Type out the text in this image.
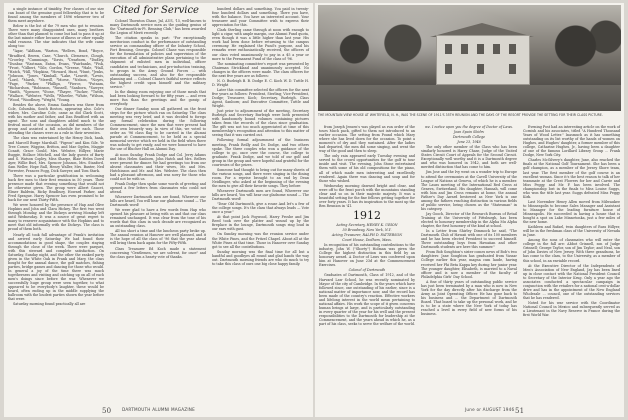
a single instance of timidity. Few classes of our size can boast of the genuine good fellowship that is to be found among the members of 1896 whenever two of them meet anywhere.

Below is the list of the 79 men who got to reunion. There were many disappointed ones, many brothers other than that planned to come but had to pass it up at the last minute either because of illness or other equally valid reasons. The star indicates that the wife came along too:

*Agar, *Aldham, *Barton, *Bellers, Bond, *Boyce, *Bradford, Brown, Case, *Church, Clemence, Clough, *Crowley, *Cummings, *Davis, *Dearborn, *Dudley, *Dunbar, *Eastman, Eaton, Evans, *Fairbanks, *Fisk, *Frost, *Gilbert, *Gile, Gordon, *Greene, *Hale, *Hall, *Hatch, *Hill, *Hopkins, *Howard, Hunt, *Hunt, *Jenks, *Johnson, *Jones, *Kimball, *Lake, *Leavitt, *Lewis, *Lord, *Marsh, *Merrill, *Morse, *Nelson, *Noyes, *Page, *Parker, *Phillips, *Pierce, *Putnam, *Richardson, *Robinson, *Russell, *Sanborn, *Sawyer, *Smith, *Spencer, *Stone, *Thayer, *Tucker, *Tuttle, *Wallace, *Webster, *Wells, *Wheeler, *White, *Wilson, *Wood, *Woodbury, *Wright, *Young.

Besides the above, Emma Sanborn was there from Cole, Columbia, South Boston, appearing also. Cole's widow, Mrs. Caroline Cole, came as did Clark Scott, with his mother and father, and Dan Bradford with an agent. The sons and daughters added much to the festival mood of the occasion, as did members of the group and assisted a full schedule for each. Those attending the classes were as a rule in their seventies.

The class was entertained by the Henry Dick, hank, and Marcell Burge Marshall. "Pigeon" and Kim Gile. Ye Tree Cosser, Wiggins, Britton, and Mae Ogden, Maggie Conatt, Grace Gould, Mrs. Webster, Hillyer, Marie Buggie, Hollace Mitchell, and the lady guests of Barty and S. Watson Copley, Miss Sharpe, Blair Helen Dowd Ayer, Willie Burl, Mrs. Spencer Johnson, Mrs. Stanford, Sam Weller, Hope Rall, Henry Waller, Mrs. Baxter, Ned Forrester, Frances Fogg, Dick Sawyer, and Tom Stark.

There was a particular gratification in welcoming back five men to their first reunion in 50 years. Their presence made that evening something that would not be otherwise given. The group were Albert Gaucet, Elmer Baldwin, Ricky Bradbury, Howard Parker, and Fred Sprague. Harry Spencer has even promised to be back for our next Thirty-Fifth.

We were honored by the presence of Hap and Olive Hopkins and John and Clara Hickey. The first two went through Monday, and the Dickeys arriving Monday left until Wednesday. It was a source of great regret to many to renewer acquaintance with the Hopkins and to meet that old informally with the Dickeys. The class is proud of them both.

Nearly all took full advantage of Frank's invitation and arrived early Saturday. We had found their accommodations in good shape, the couples staying through the close of the week. There were parquet, with this steward and complete satisfaction. On Saturday, Sunday night, and the other the ranked party given in the White Oak in Frank and Mary, the class bought for the annual dance, the golf matches, fishing parties, bridge games and dancing for those who would. In general a joy of the time there was much togetherness and visiting and catching up on all of each men's doings since before the war. Whenever we successfully huge group were seen together, to what appeared to be everybody's laughter, these would be heard, often ending up in the middle supplying the ballroom with the loudest parties shown the year before that were.

Saturday morning found practically all are

Cited for Service

Colonel Thornton Chase, Jnl, AUS, '15, well-known to many Dartmouth service men as the guiding genius of the "Dartmouth-in-Ft. Benning Club," has been awarded the Legion of Merit recently.

The citation speaks in part: "For exceptionally meritorious conduct in the performance of outstanding service as commanding officer of the Infantry School, Fort Benning, Georgia. Colonel Chase was responsible for the formulation of policies and supervision of the execution of all administrative plans pertaining to the shipment of enlisted men in individual, officer candidates and technicians, and pre-induction training, to groups in the Army Ground Forces ... with outstanding success, and also for the responsible planning and ... Colonel Chase's faithful service reflects the highest credit upon himself and the military service."

In the dining room enjoying one of those meals that had been looking forward to for fifty years — and even more fun than the greetings and the gossip of everybody.

Our dinner Sunday noon all gathered on the front steps for the picture which ran on Saturday. The class meeting was very brief, and it was decided to forego any formal celebration during the following Commencement, since the men that were present had their own leisurely way. In view of this, we voted to order an '96 class flag to be carried in the Alumni parade at Commencement, to be held as a special memorial service which we held in the field when there was nobody to get ready, and we were honored to have the use of Blucher Hall on Alumni Day.

At noon Sunday, Frank Dodge and Col. Jerry Adams and Miss Helen Sanborn, John Hatch and Mrs. Bellers were present for dinner. We had greetings too from our absent classmates and their wives, Mr. and Mrs. Hutchinson and Mr. and Mrs. Webster. The class then had a pleasant afternoon, and was sorry for those who could not be with us.

Frank Dodge then spoke some words of greeting and opened a few letters from classmates who could not attend.

Whenever Dartmouth men are found, Wherever our hills are heard, You will hear our gladsome sound — The Dartmouth word!

We were glad to have a few words from Hap who opened his pleasure at being with us and that our class remained unchanged. It was clear from the tone of his words that this class in such decade are recognized as an outstanding class.

All too short a time and the luncheon party broke up. The annual reunion at Hanover are well planned, and it is the hope of all the class of '96 that the year ahead will bring them back again for the Fifty-Fifth.

Class Treasurer Ed Koch made a statement concerning "Gentlemen, we are solvent, for once" and the class gave him a hearty vote of thanks.

hundred dollars and something. You paid in twenty-four hundred dollars and something. There you have, with the balance. You have an interested account. Your treasurer and your Committee wish to express their appreciation for this.

Clark Sterling came through at noon with enough to light a cigar, with ample margin, our Alumni Fund quota, even though it was a little higher than last year. His work had been done before returning to the campus ceremony. He explained the Fund's purpose, and his remarks were enthusiastically received, the officers of our class voted unanimously to pay in a $5 a year or more to the Permanent Fund of the class of '96.

The nominating committee's report was presented by Chairman Strickland and unanimously accepted. No changes in the officers were made. The class officers for the next five years are as follows:

N. O. Burleigh B. B. Dodge E. C. Koch W. D. Tuttle H. D. Wright

Later this committee selected the officers for the next five years as follows: President, Sterling; Vice-President, Dodge; Treasurer, Koch; Secretary, Burleigh. Class Agent, Sanborn; and Executive Committee, Tuttle and Wright.

Just prior to adjournment of the meeting, Secretary Burleigh and Secretary Burleigh were both presented with handsomely bound volumes containing pictures taken from the records of the class since graduation. The gift was not too much appreciated at time of this membership's recognition and attention to this matter of seeing that it was carried out.

Following formal adjournment of the business meeting, Frank Reilly and Dr. Dodge, and two others spoke. The three couples who won a guidance of the college to go, once over the course, the college to graduate. Frank Dodge, and we told of our golf and group in the group and were hopeful and grateful for the courtesies of the prizes.

Someone had thought to bring out for many sheets of the various songs, and there were singing in the dining room. For a reprise brought to an end by Dean Neidlinger, who asked at the beginning of the evening the men to give all their favorite songs. They before:

Whenever Dartmouth men are found, Wherever our hills are heard, You will hear our gladsome sound — The Dartmouth word!

"Dear Old Dartmouth, give a rouse And let's a few of the college songs. It's the class that always leads — Vote once a year."

At that point Jack Fogwood, Harry Frosbe and Jim Reed took over the platter and wound up by the fireplace in the lounge, Dartmouth songs ring loud in our ears with gust.

On Sunday morning was the reunion service under the White Pines, and the Fritzel Chapel. About all at the White Pines at that time. Those in Hanover over Sunday got to see all the contributions.

Sunday morning was the final time for all but a handful and goodbyes all round and glad hands the way out. Dartmouth morning friends are who do much to try to take this class of ours one big close happy family.

50	DARTMOUTH ALUMNI MAGAZINE
THE MOUNTAIN VIEW HOUSE AT WHITEFIELD, N. H., WAS THE SCENE OF 1911'S 35TH REUNION AND THE DAYS OF THE RESORT PROVIDE THE SETTING FOR THEIR CLASS PICTURE.

from Joseph Jensen's was played as run order of the tours Much pack, gifted to them not introduced to an earlier occasion. The setting from Pound which Mary where she has lived down for the occasion. To point a moment's of dry and they sustained. After the ladies had departed, the men did some singing, and went the way of the good and then to sleep.

The only rain appeared early Tuesday evening and served to the crowd opportunities for the golf to tour inside and visit. The evening, John Stone entertained them with some of his old compositions for the piano, all of which made men interesting and excellently rendered. Again there was dancing and soup and for those who wished.

Wednesday morning dawned bright and clear, and were off to the front porch with the mountains standing clear and so on in their majestic majesty. It was a beautiful setting for the fine fellows getting together for over forty years. It has its inspiration to the most up the Ben Reunion in '41.

1912

Acting Secretary, HENRY K. URION

50 Broadway, New York, N.Y.

Acting Treasurer, RALPH D. PATTERSON

Court House, Dedham, Mass.

In recognition of his outstanding contributions to the industry, John W. ("Shorty") Holman was given the College the highest distinction in this field by an honorary award. A Doctor of Laws was conferred upon him at Hanover on June 23d at the Commencement Exercises.

Colonel of Dartmouth

Graduates of Dartmouth, Class of 1912, and of the Harvard Law School, he was recently nominated by Mayor of the city of Cambridge. In the years which have followed since, one outstanding of his earlier, since is a national matter of importance now, and the record has been made of the country's reaction. Effective workers and lifelong interest in the world mean pertaining to national affairs. His work the scope of it given concerns human beings at large, and is particularly outstanding in every quarter of the year for his well and the present responsibilities to the Dartmouth for leadership at the Commencement, and the years ahead in which he, as a part of his class, seeks to serve the welfare of the world.

we. I notice upon you the degree of Doctor of Laws.

Joan Spain Sbidrv

Dartmouth College

June 23, 1946

The only other member of the Class who has been similarly honored is Harry Chase, Judge of the United States Circuit Court of Appeals for the Second Circuit. Exceptionally well worthy and it is a Dartmouth degree and who was honored in 1942, and both are well-merited distinction that has come to him.

Jim Jose and the Ivy went on a wonder trip to Europe to attend the ceremonies at the Cavell University of the League of Nations at Geneva, of which he is a member. The Lauss meeting of the International Red Cross at Geneva, Switzerland. His daughter, Hannah, will come with him and Jim Cross remains at home, the annual Father's Day Award bestowed as New York is one among the fathers reaching distinction in various fields of public service, being chosen as the "Statesman" in his category.

Jay Gooch, Director of the Research Bureau of Retail Training at the University of Pittsburgh, has been elected to honorary membership in the Alpha Mu Alpha chapter, the first honorary of the kind at school.

In a Letter from Shirley Dimmock he said, "The Dartmouth Club of Hawaii with one of its 100 members and he has been elected President to succeed himself. Three outstanding boys from Hawaiian and other Dartmouth students are here this summer."

From Bob Soughton's sister comes news of Bob's two daughters: Jane Soughton has graduated from Vassar College earlier this year, magna cum laude, having received her Phi Beta Kappa key during her junior year. The younger daughter, Elisabeth, is married to a Naval officer and is now a member of the faculty of Philadelphia Girls' Day School.

A fine of thirty years of outstanding public service has just been terminated by a man who is now in New York for the day directly after his discharge from the Army as Joint Operating Officer. He has gone back to his business and ... the Department of Dartmouth Board. That board to take up the personal work, and he is to be a state where the New York of today has reached a level in every field of new forms of his business.

Evening Post had an interesting article on the work of Cornish and his associates, titled "A Hundred Thousand Years of Wood Letter." Inasmuch as it has something outstanding on its list worthy of the hands of women on Hughes, and Hughes' daughter, a former member of this college, Catharine Hughes, Jr., having been a daughter of one of the famous Lorillard Library Group ... Frank Dodge, New York City.

Charles McGilvery's daughter, June, also reached the finals at the National Golf Tournament. She has been a golf champion, as a member of the Jersey Shore team, last year. The first member of the golf course is an excellent woman. Since it's the best reason to talk of her teammate at the Crest Flowers for her and Carrie and Miss Peggy, and Mr. F. has been involved. The championship lost in the finals to Miss Louise Suggs, who won the title last year. Suggs defeated Miss Peggy Kirk.

Last November Henry Allen moved from Milwaukee to Minneapolis to become Sales Manager and Assistant to Manager for the leading furniture house of Minneapolis. He succeeded in having a house that is bought a spot on Lake Minnetonka, just a few miles of the new home.

Kathleen and Rafael, twin daughters of Russ Hillyer, will be in the freshman class of the University of Nevada in June.

Among the sons of classmates who will enter the college in the fall are: Abbot Grinnell, son of Judge Grinnell; George Taylor, son of Jim Taylor; and Neal, son of John Davies of New Jersey. With three grandsons, he has come to the class, to the University, as a member of this school, in an enviable record.

At the Executive Director of the Independents of Men's Association of New England, Jay has been lined up in close contact with the National President Council to Secretary of the Interior Krug. Only a year ago the associates conducted a spectacular campaign in conjunction with the retailers for a national cent-a-dollar drive and has in the appointment of the New England Wholesale ... council, one of the outstanding services that he has rendered.

Noted for his war service with the Coordinator National Council in Mexico and subsequently served as a Lieutenant in the Navy Reserve in France during the first World War.

June or AUGUST 1946 51
